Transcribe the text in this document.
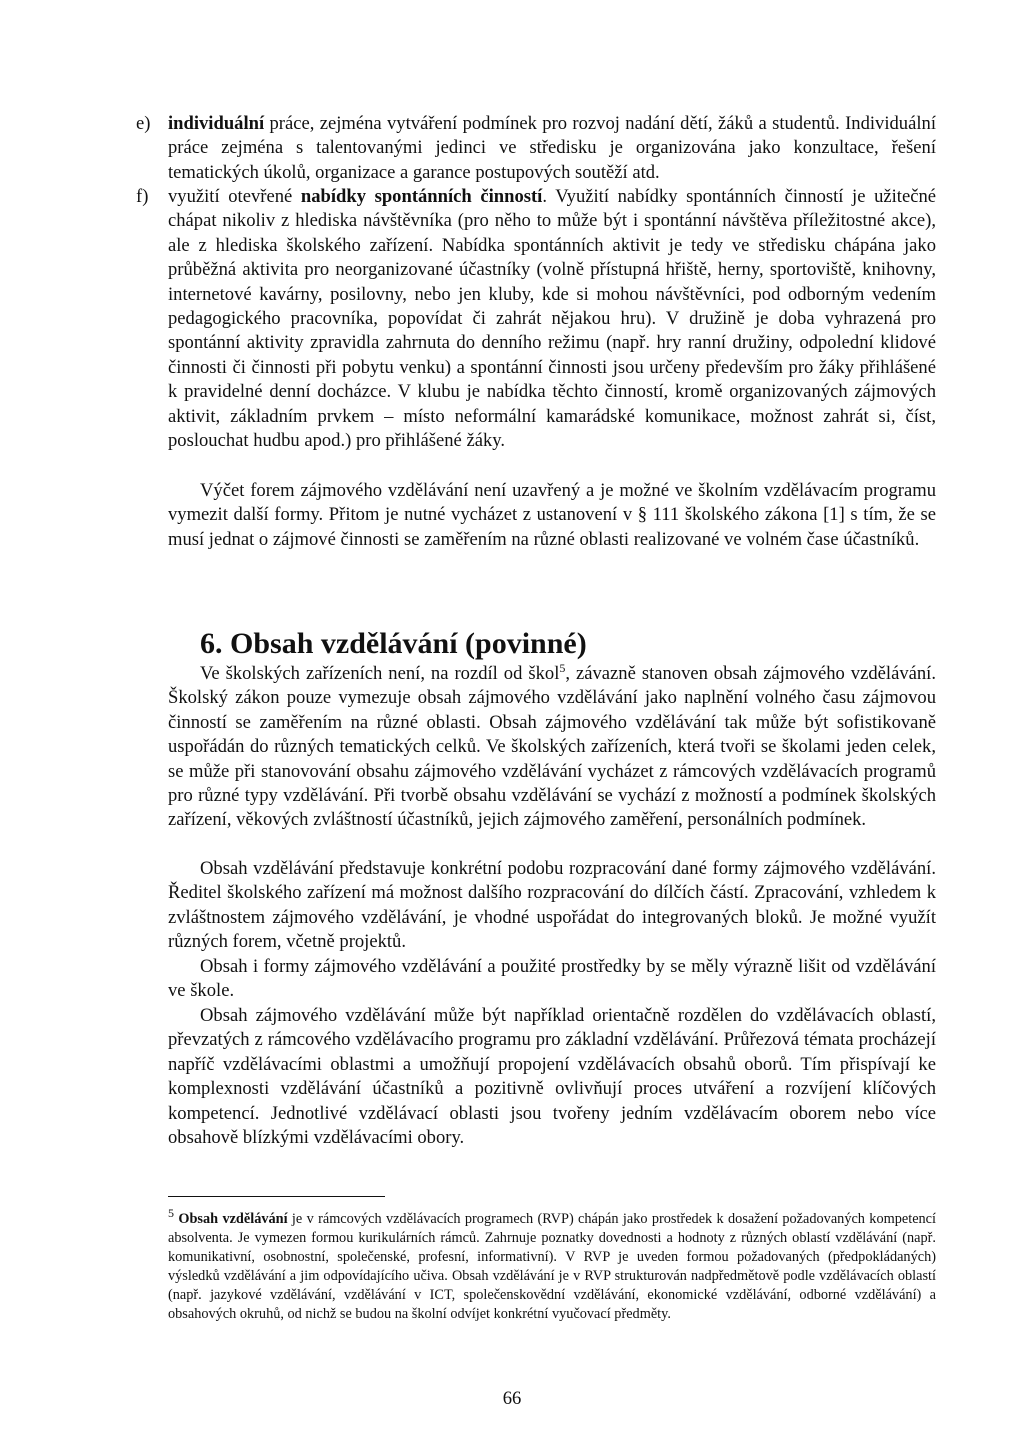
e) individuální práce, zejména vytváření podmínek pro rozvoj nadání dětí, žáků a studentů. Individuální práce zejména s talentovanými jedinci ve středisku je organizována jako konzultace, řešení tematických úkolů, organizace a garance postupových soutěží atd.
f) využití otevřené nabídky spontánních činností. Využití nabídky spontánních činností je užitečné chápat nikoliv z hlediska návštěvníka (pro něho to může být i spontánní návštěva příležitostné akce), ale z hlediska školského zařízení. Nabídka spontánních aktivit je tedy ve středisku chápána jako průběžná aktivita pro neorganizované účastníky (volně přístupná hřiště, herny, sportoviště, knihovny, internetové kavárny, posilovny, nebo jen kluby, kde si mohou návštěvníci, pod odborným vedením pedagogického pracovníka, popovídat či zahrát nějakou hru). V družině je doba vyhrazená pro spontánní aktivity zpravidla zahrnuta do denního režimu (např. hry ranní družiny, odpolední klidové činnosti či činnosti při pobytu venku) a spontánní činnosti jsou určeny především pro žáky přihlášené k pravidelné denní docházce. V klubu je nabídka těchto činností, kromě organizovaných zájmových aktivit, základním prvkem – místo neformální kamarádské komunikace, možnost zahrát si, číst, poslouchat hudbu apod.) pro přihlášené žáky.
Výčet forem zájmového vzdělávání není uzavřený a je možné ve školním vzdělávacím programu vymezit další formy. Přitom je nutné vycházet z ustanovení v § 111 školského zákona [1] s tím, že se musí jednat o zájmové činnosti se zaměřením na různé oblasti realizované ve volném čase účastníků.
6. Obsah vzdělávání (povinné)
Ve školských zařízeních není, na rozdíl od škol$^5$, závazně stanoven obsah zájmového vzdělávání. Školský zákon pouze vymezuje obsah zájmového vzdělávání jako naplnění volného času zájmovou činností se zaměřením na různé oblasti. Obsah zájmového vzdělávání tak může být sofistikovaně uspořádán do různých tematických celků. Ve školských zařízeních, která tvoři se školami jeden celek, se může při stanovování obsahu zájmového vzdělávání vycházet z rámcových vzdělávacích programů pro různé typy vzdělávání. Při tvorbě obsahu vzdělávání se vychází z možností a podmínek školských zařízení, věkových zvláštností účastníků, jejich zájmového zaměření, personálních podmínek.
Obsah vzdělávání představuje konkrétní podobu rozpracování dané formy zájmového vzdělávání. Ředitel školského zařízení má možnost dalšího rozpracování do dílčích částí. Zpracování, vzhledem k zvláštnostem zájmového vzdělávání, je vhodné uspořádat do integrovaných bloků. Je možné využít různých forem, včetně projektů.
Obsah i formy zájmového vzdělávání a použité prostředky by se měly výrazně lišit od vzdělávání ve škole.
Obsah zájmového vzdělávání může být například orientačně rozdělen do vzdělávacích oblastí, převzatých z rámcového vzdělávacího programu pro základní vzdělávání. Průřezová témata procházejí napříč vzdělávacími oblastmi a umožňují propojení vzdělávacích obsahů oborů. Tím přispívají ke komplexnosti vzdělávání účastníků a pozitivně ovlivňují proces utváření a rozvíjení klíčových kompetencí. Jednotlivé vzdělávací oblasti jsou tvořeny jedním vzdělávacím oborem nebo více obsahově blízkými vzdělávacími obory.
$^5$ Obsah vzdělávání je v rámcových vzdělávacích programech (RVP) chápán jako prostředek k dosažení požadovaných kompetencí absolventa. Je vymezen formou kurikulárních rámců. Zahrnuje poznatky dovednosti a hodnoty z různých oblastí vzdělávání (např. komunikativní, osobnostní, společenské, profesní, informativní). V RVP je uveden formou požadovaných (předpokládaných) výsledků vzdělávání a jim odpovídajícího učiva. Obsah vzdělávání je v RVP strukturován nadpředmětově podle vzdělávacích oblastí (např. jazykové vzdělávání, vzdělávání v ICT, společenskovědní vzdělávání, ekonomické vzdělávání, odborné vzdělávání) a obsahových okruhů, od nichž se budou na školní odvíjet konkrétní vyučovací předměty.
66
